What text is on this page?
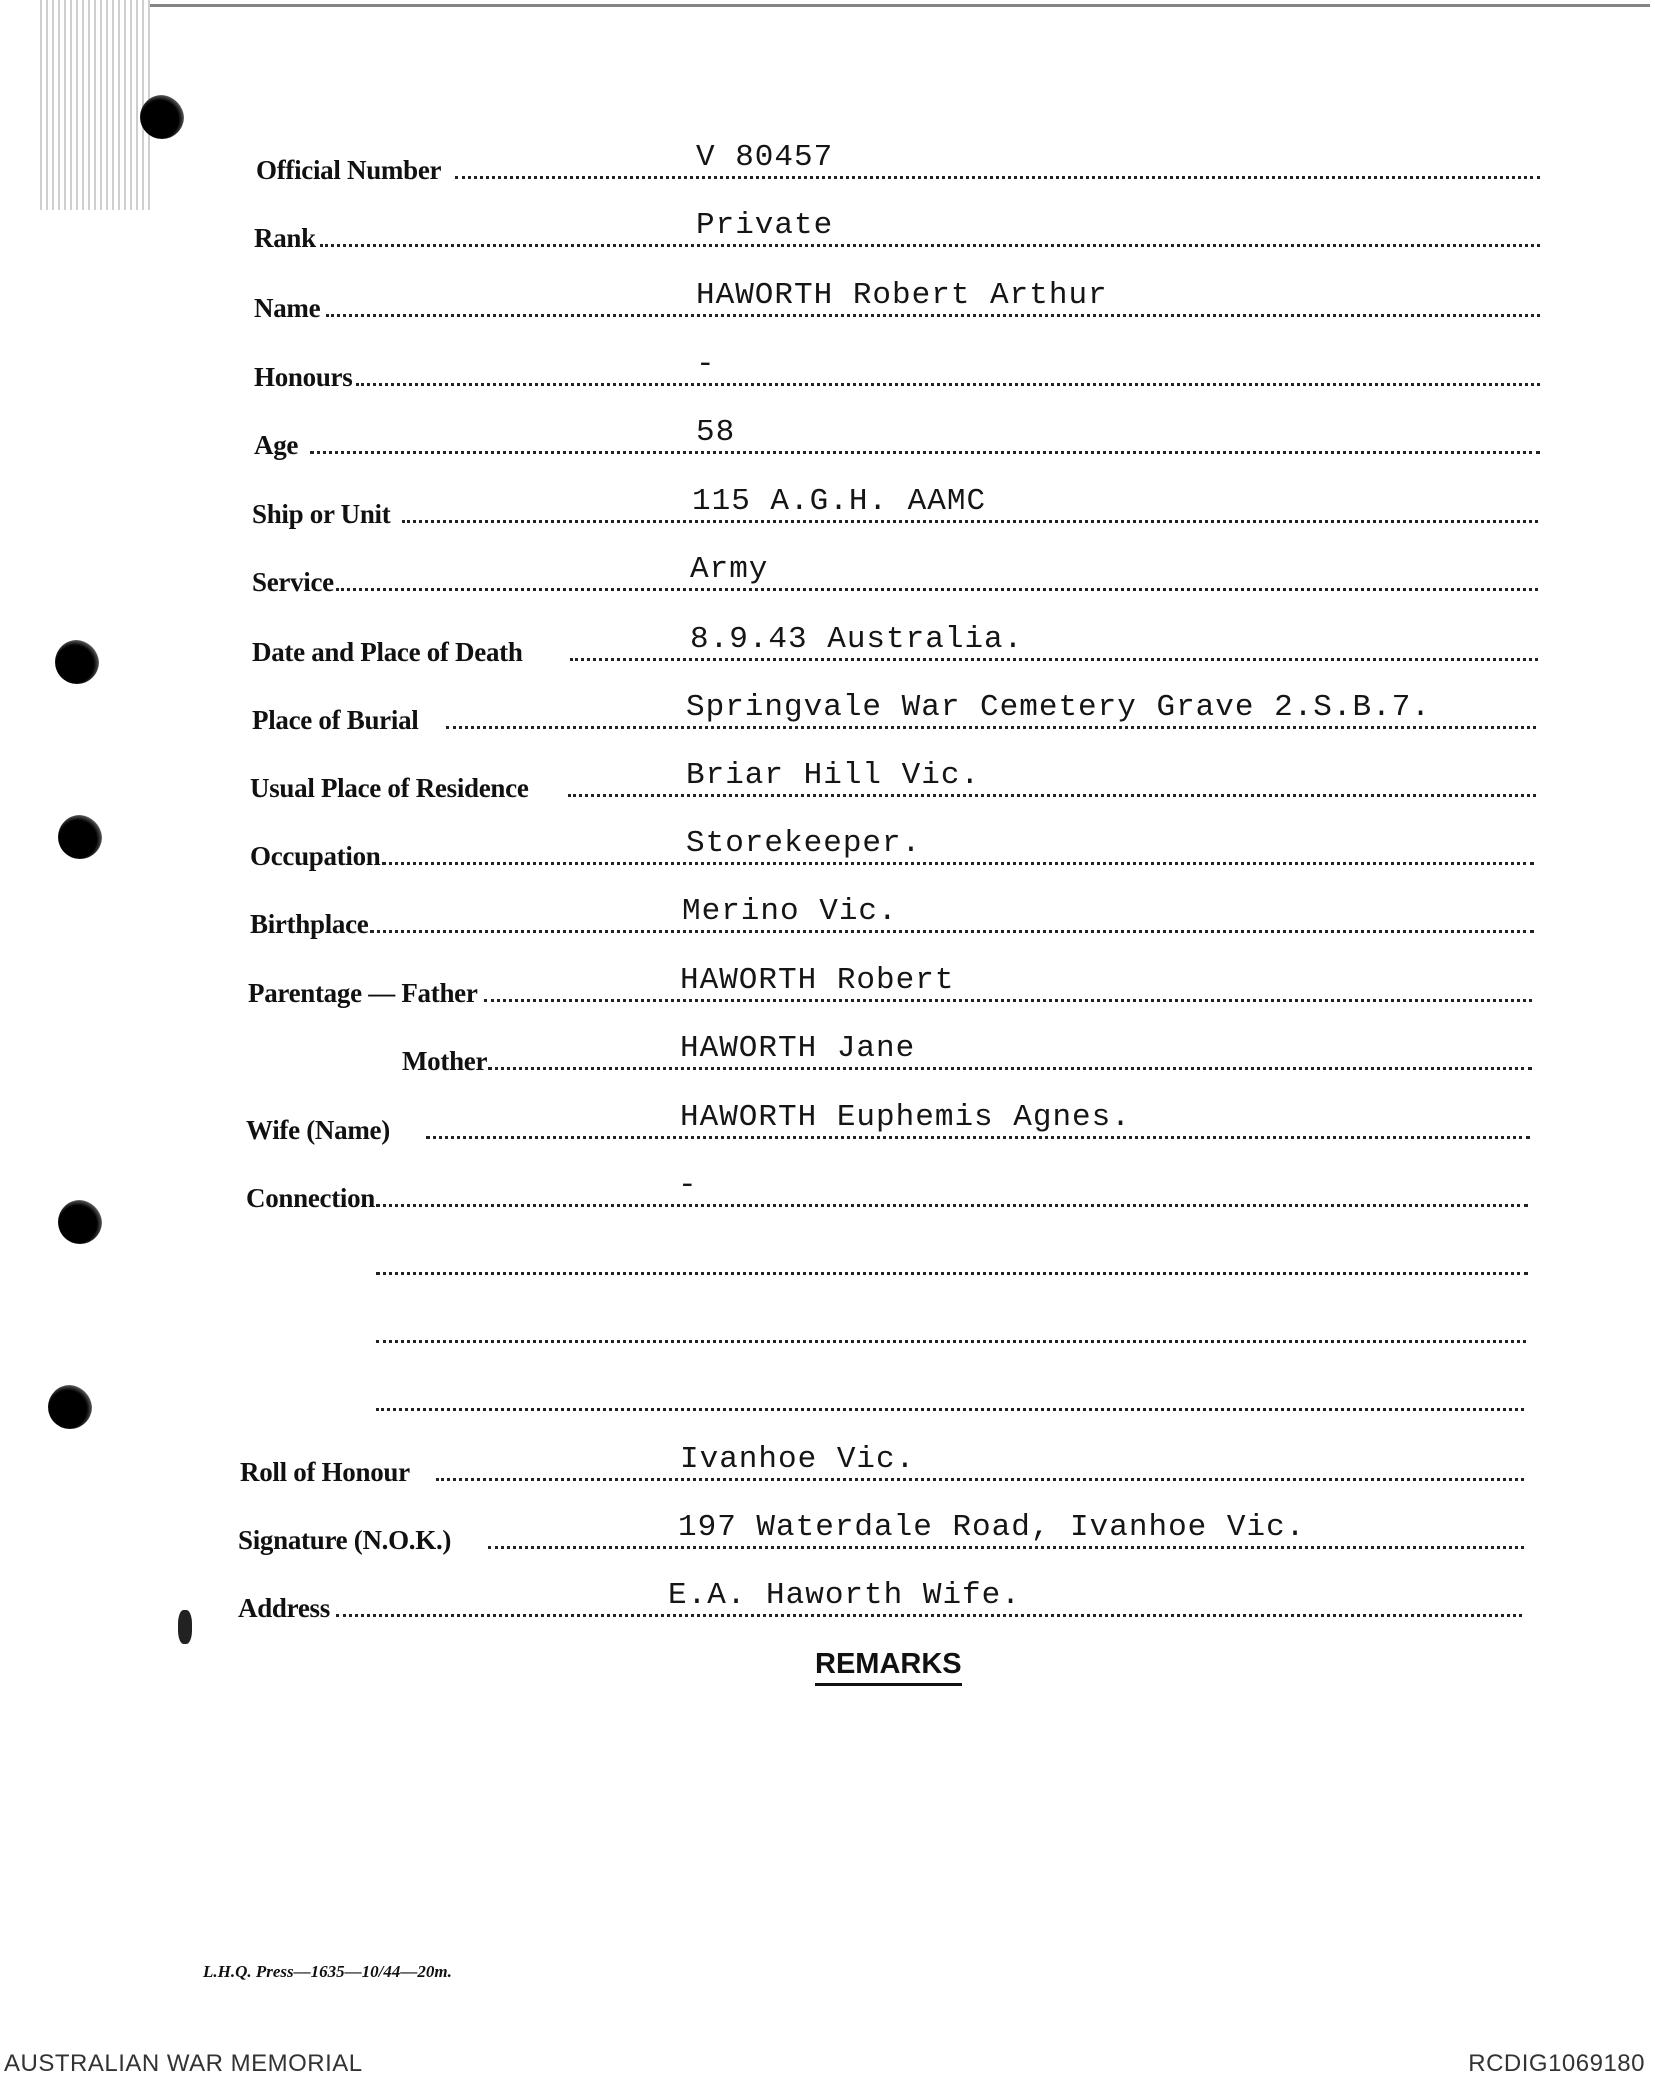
Official Number	V 80457
Rank	Private
Name	HAWORTH Robert Arthur
Honours	-
Age	58
Ship or Unit	115 A.G.H. AAMC
Service	Army
Date and Place of Death	8.9.43 Australia.
Place of Burial	Springvale War Cemetery Grave 2.S.B.7.
Usual Place of Residence	Briar Hill Vic.
Occupation	Storekeeper.
Birthplace	Merino Vic.
Parentage — Father	HAWORTH Robert
Mother	HAWORTH Jane
Wife (Name)	HAWORTH Euphemis Agnes.
Connection	-
Roll of Honour	Ivanhoe Vic.
Signature (N.O.K.)	197 Waterdale Road, Ivanhoe Vic.
Address	E.A. Haworth Wife.
REMARKS
L.H.Q. Press—1635—10/44—20m.
AUSTRALIAN WAR MEMORIAL	RCDIG1069180
